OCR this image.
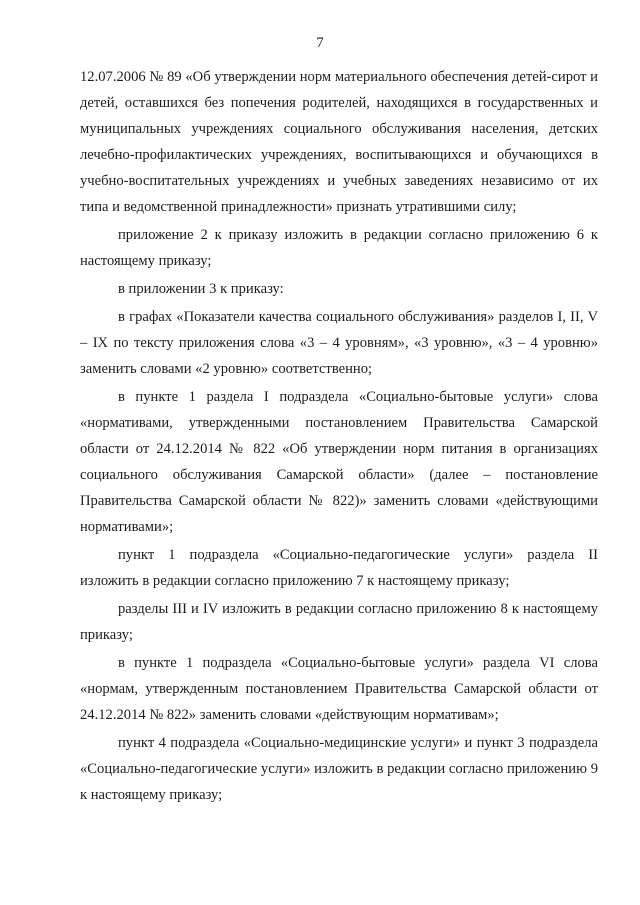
7

12.07.2006 № 89 «Об утверждении норм материального обеспечения детей-сирот и детей, оставшихся без попечения родителей, находящихся в государственных и муниципальных учреждениях социального обслуживания населения, детских лечебно-профилактических учреждениях, воспитывающихся и обучающихся в учебно-воспитательных учреждениях и учебных заведениях независимо от их типа и ведомственной принадлежности» признать утратившими силу;

приложение 2 к приказу изложить в редакции согласно приложению 6 к настоящему приказу;

в приложении 3 к приказу:

в графах «Показатели качества социального обслуживания» разделов I, II, V – IX по тексту приложения слова «3 – 4 уровням», «3 уровню», «3 – 4 уровню» заменить словами «2 уровню» соответственно;

в пункте 1 раздела I подраздела «Социально-бытовые услуги» слова «нормативами, утвержденными постановлением Правительства Самарской области от 24.12.2014 № 822 «Об утверждении норм питания в организациях социального обслуживания Самарской области» (далее – постановление Правительства Самарской области № 822)» заменить словами «действующими нормативами»;

пункт 1 подраздела «Социально-педагогические услуги» раздела II изложить в редакции согласно приложению 7 к настоящему приказу;

разделы III и IV изложить в редакции согласно приложению 8 к настоящему приказу;

в пункте 1 подраздела «Социально-бытовые услуги» раздела VI слова «нормам, утвержденным постановлением Правительства Самарской области от 24.12.2014 № 822» заменить словами «действующим нормативам»;

пункт 4 подраздела «Социально-медицинские услуги» и пункт 3 подраздела «Социально-педагогические услуги» изложить в редакции согласно приложению 9 к настоящему приказу;
